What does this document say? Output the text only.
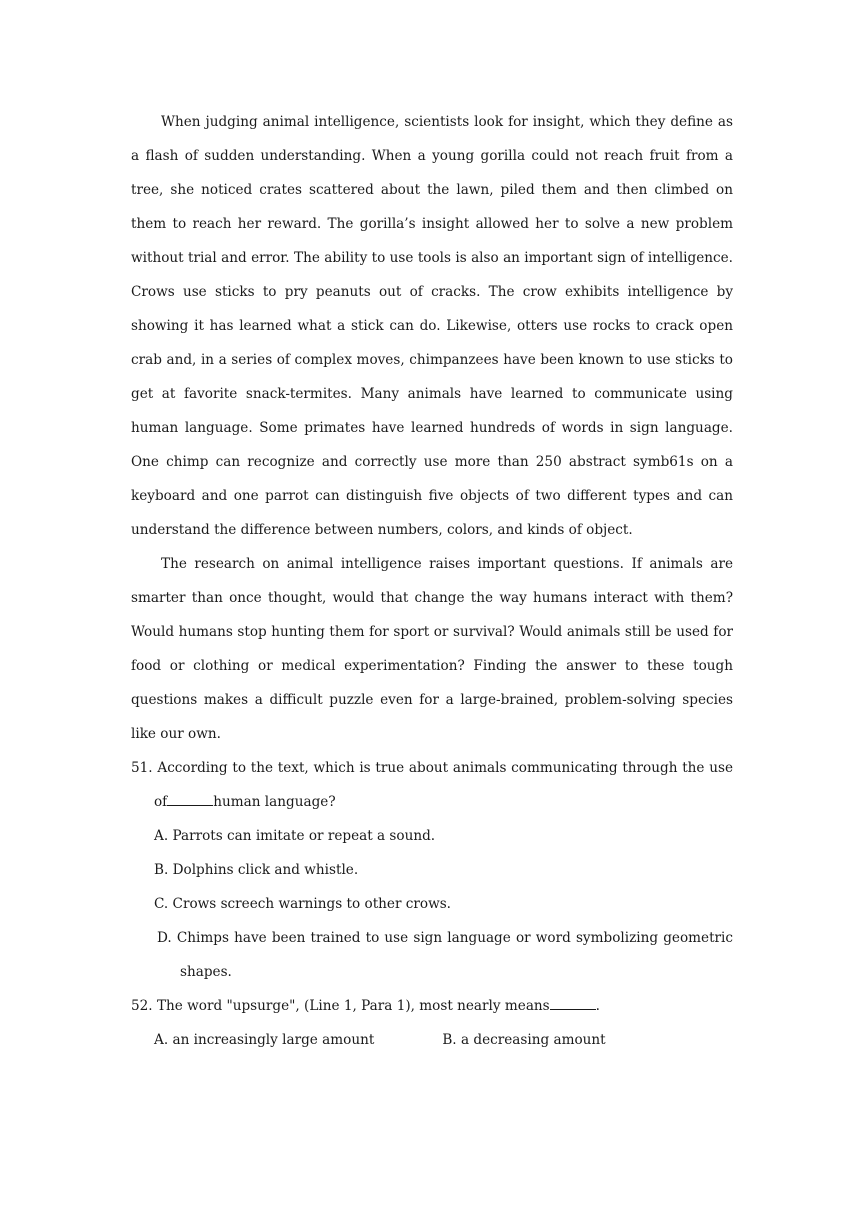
When judging animal intelligence, scientists look for insight, which they define as a flash of sudden understanding. When a young gorilla could not reach fruit from a tree, she noticed crates scattered about the lawn, piled them and then climbed on them to reach her reward. The gorilla’s insight allowed her to solve a new problem without trial and error. The ability to use tools is also an important sign of intelligence. Crows use sticks to pry peanuts out of cracks. The crow exhibits intelligence by showing it has learned what a stick can do. Likewise, otters use rocks to crack open crab and, in a series of complex moves, chimpanzees have been known to use sticks to get at favorite snack-termites. Many animals have learned to communicate using human language. Some primates have learned hundreds of words in sign language. One chimp can recognize and correctly use more than 250 abstract symb61s on a keyboard and one parrot can distinguish five objects of two different types and can understand the difference between numbers, colors, and kinds of object.

The research on animal intelligence raises important questions. If animals are smarter than once thought, would that change the way humans interact with them? Would humans stop hunting them for sport or survival? Would animals still be used for food or clothing or medical experimentation? Finding the answer to these tough questions makes a difficult puzzle even for a large-brained, problem-solving species like our own.

51. According to the text, which is true about animals communicating through the use of	human language?

A. Parrots can imitate or repeat a sound.

B. Dolphins click and whistle.

C. Crows screech warnings to other crows.

D. Chimps have been trained to use sign language or word symbolizing geometric shapes.

52. The word "upsurge", (Line 1, Para 1), most nearly means	.

A. an increasingly large amount	B. a decreasing amount
